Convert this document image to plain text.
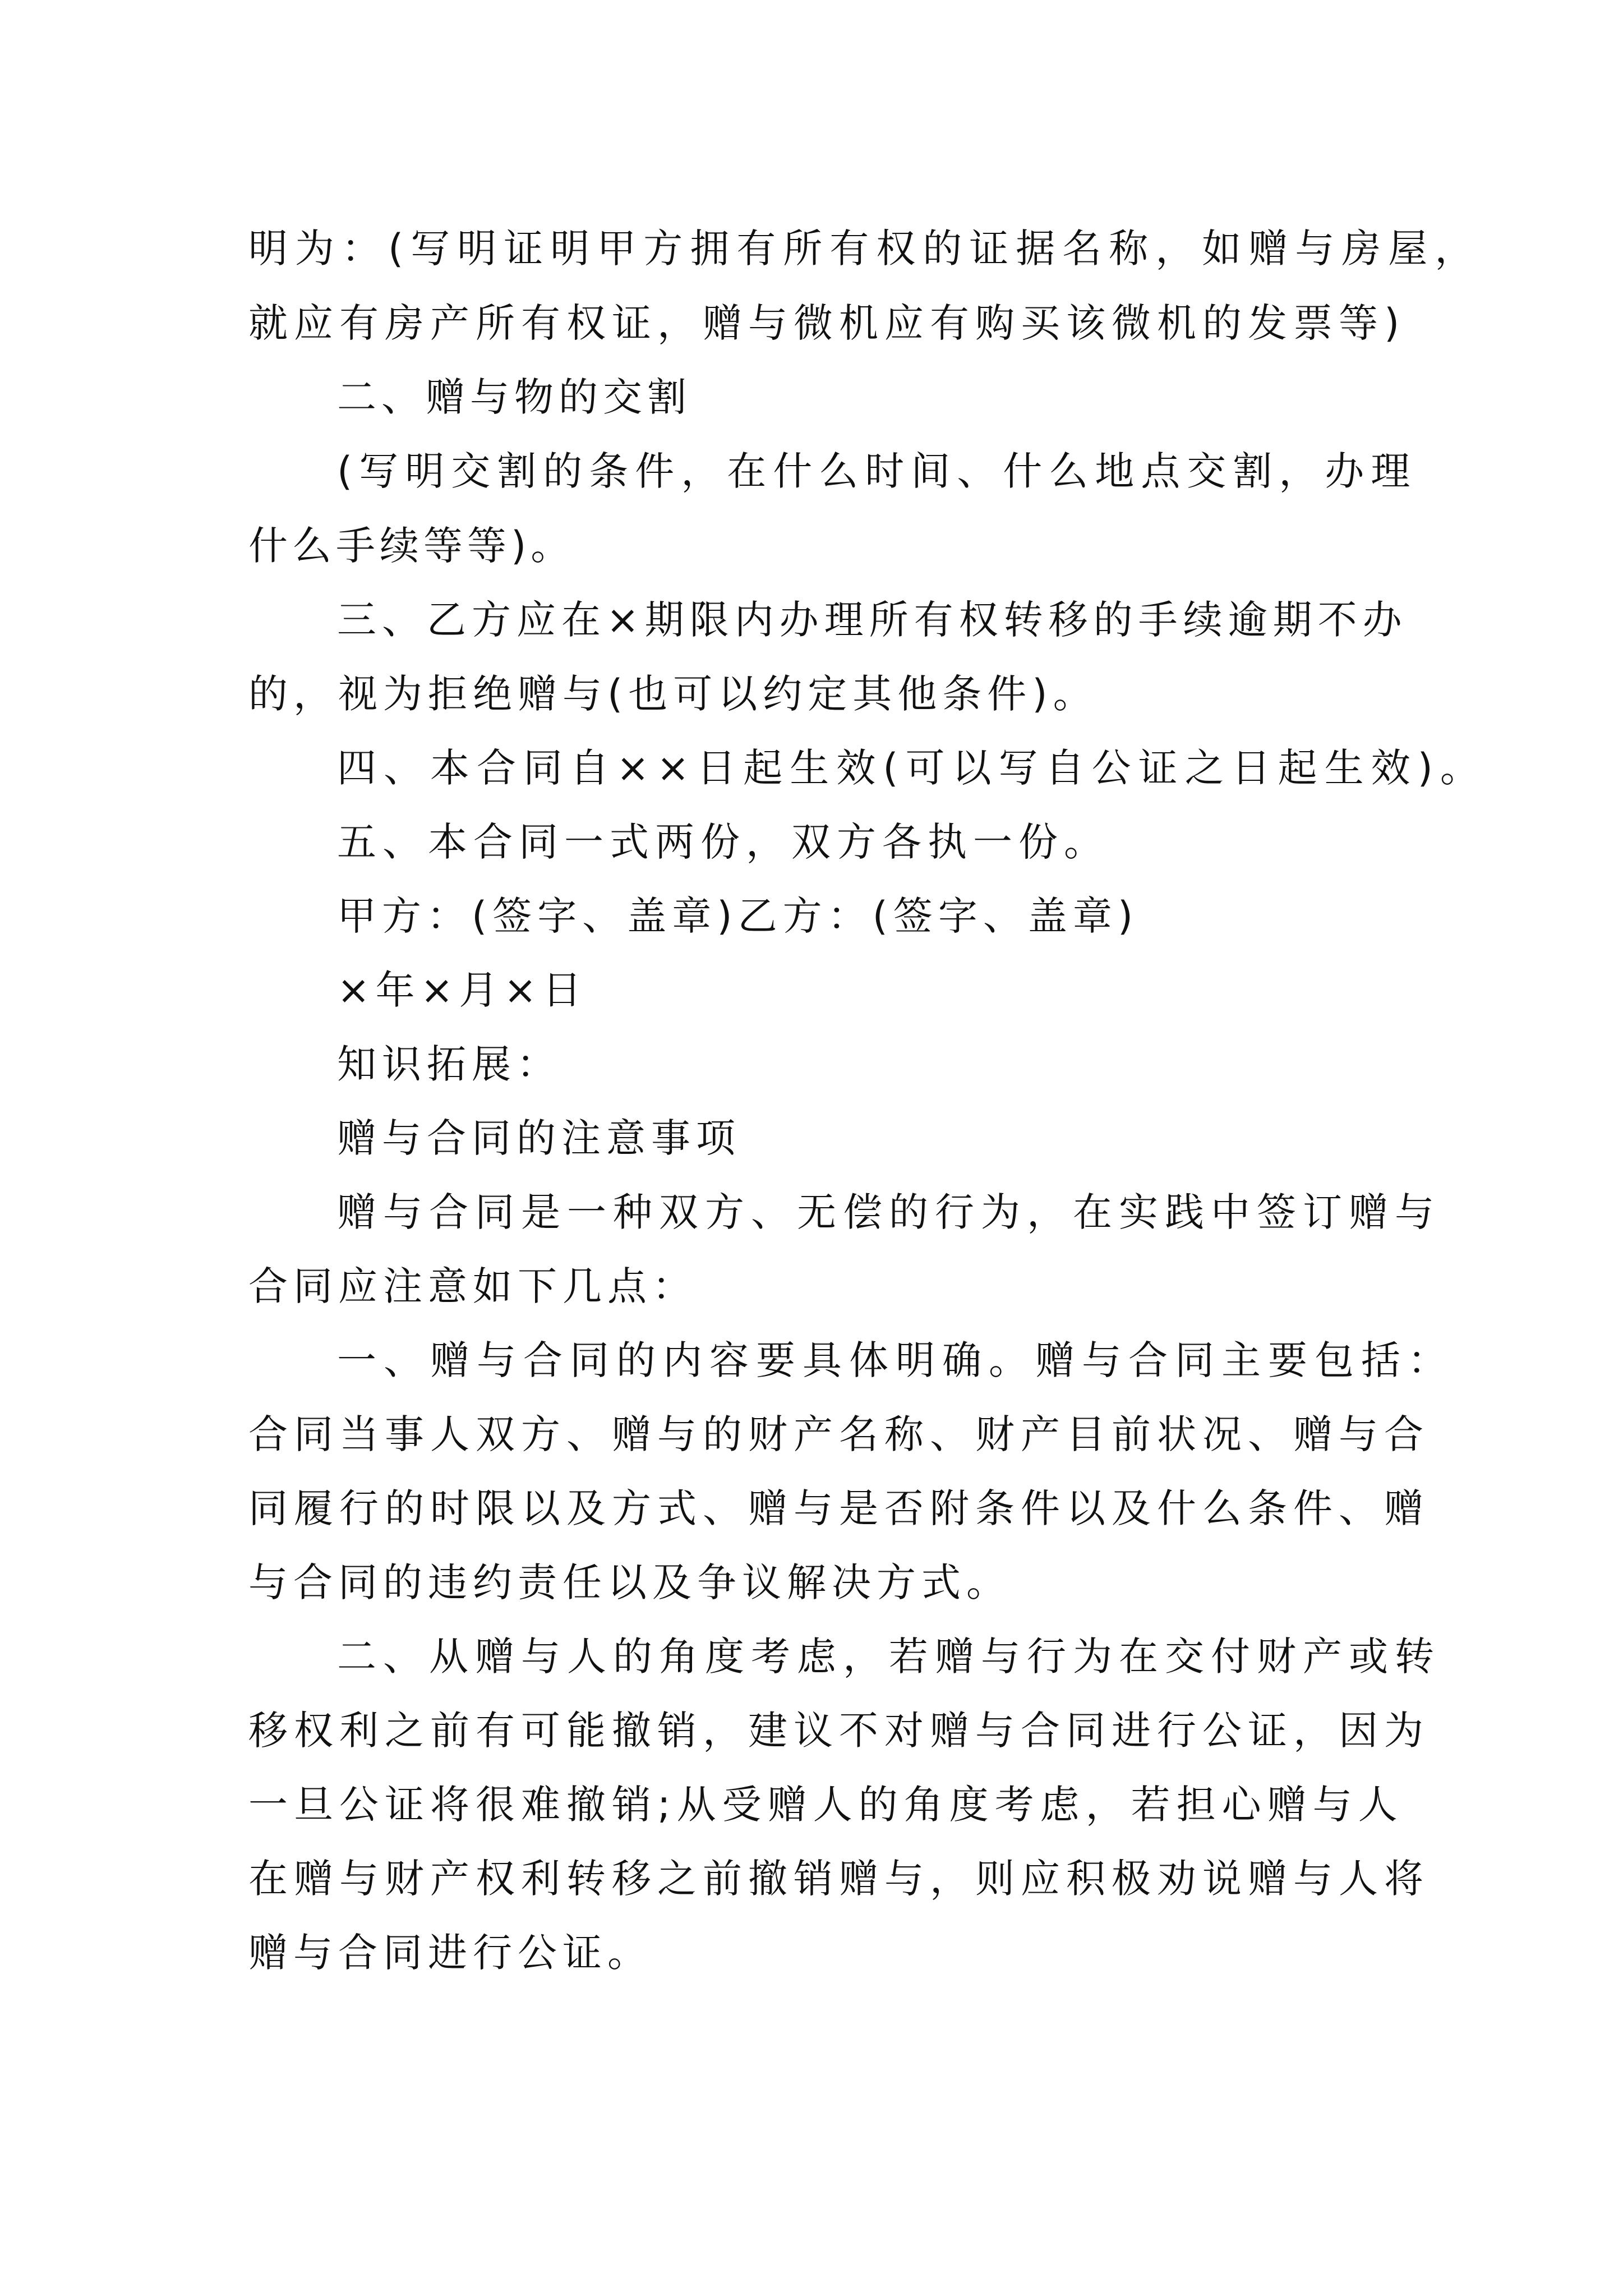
明为：(写明证明甲方拥有所有权的证据名称，如赠与房屋，
就应有房产所有权证，赠与微机应有购买该微机的发票等)
二、赠与物的交割
(写明交割的条件，在什么时间、什么地点交割，办理
什么手续等等)。
三、乙方应在×期限内办理所有权转移的手续逾期不办
的，视为拒绝赠与(也可以约定其他条件)。
四、本合同自××日起生效(可以写自公证之日起生效)。
五、本合同一式两份，双方各执一份。
甲方：(签字、盖章)乙方：(签字、盖章)
×年×月×日
知识拓展：
赠与合同的注意事项
赠与合同是一种双方、无偿的行为，在实践中签订赠与
合同应注意如下几点：
一、赠与合同的内容要具体明确。赠与合同主要包括：
合同当事人双方、赠与的财产名称、财产目前状况、赠与合
同履行的时限以及方式、赠与是否附条件以及什么条件、赠
与合同的违约责任以及争议解决方式。
二、从赠与人的角度考虑，若赠与行为在交付财产或转
移权利之前有可能撤销，建议不对赠与合同进行公证，因为
一旦公证将很难撤销;从受赠人的角度考虑，若担心赠与人
在赠与财产权利转移之前撤销赠与，则应积极劝说赠与人将
赠与合同进行公证。
